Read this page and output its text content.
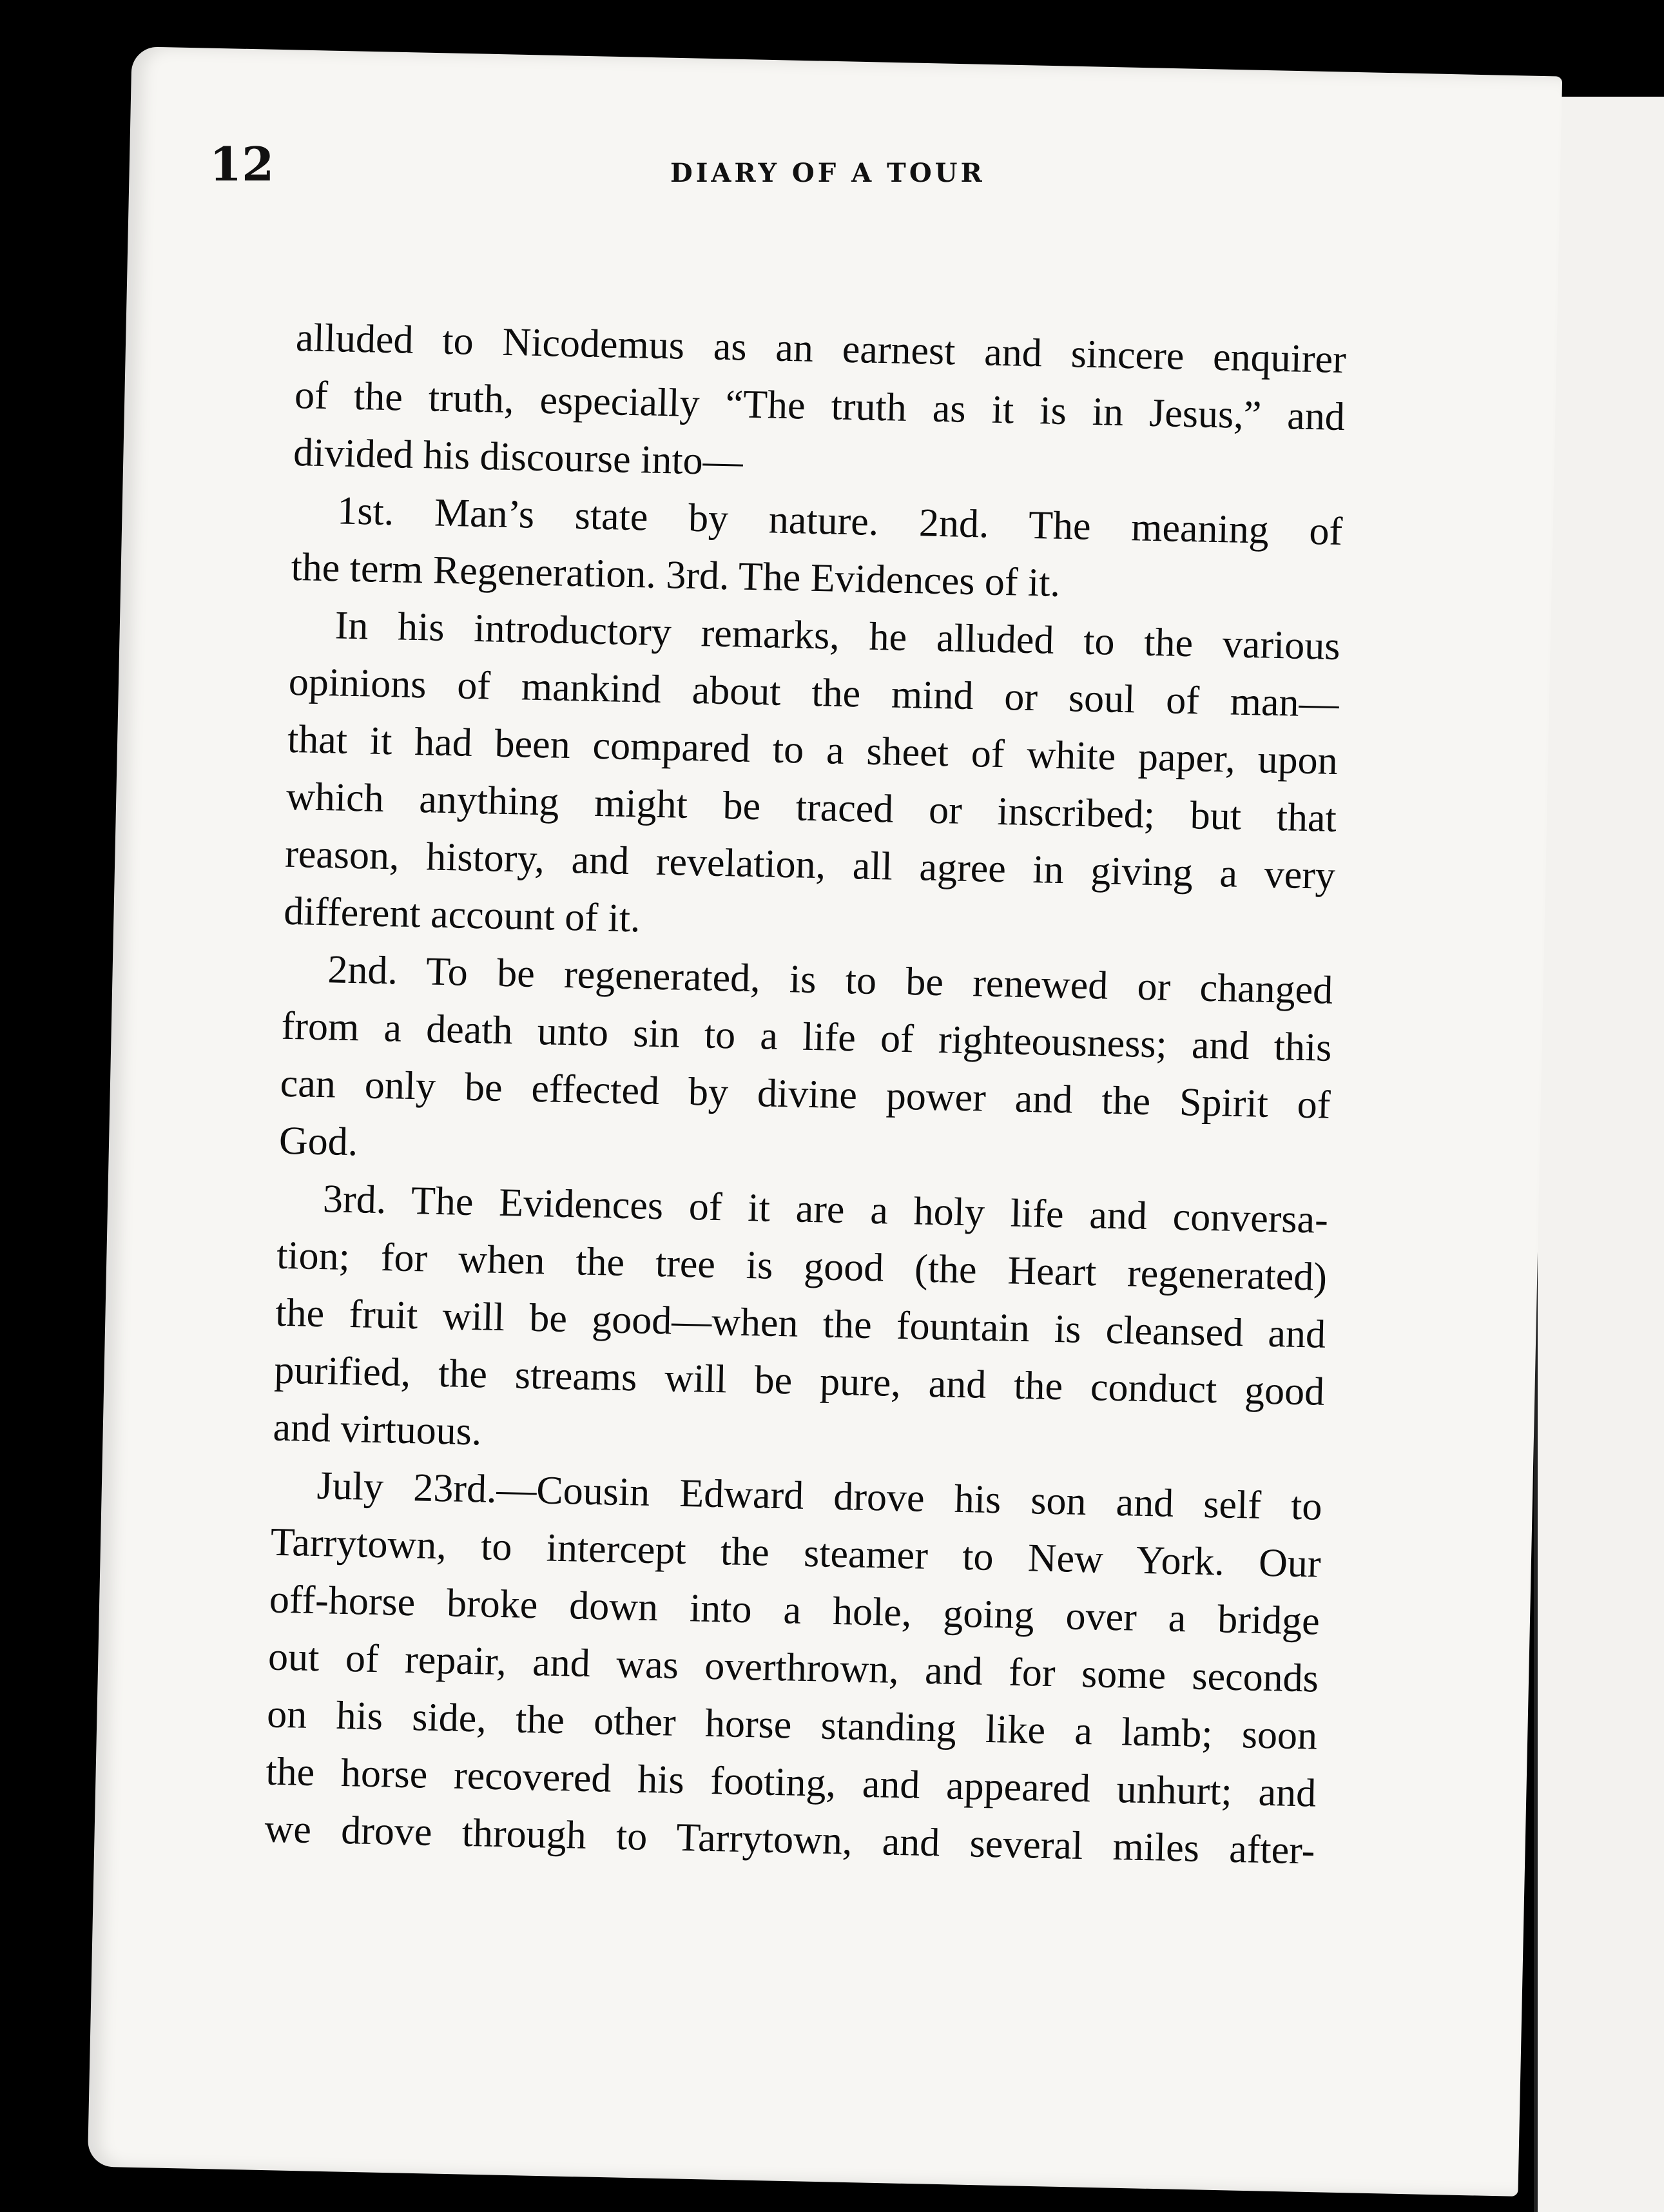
12	DIARY OF A TOUR
alluded to Nicodemus as an earnest and sincere enquirer
of the truth, especially “The truth as it is in Jesus,” and
divided his discourse into—
1st. Man’s state by nature. 2nd. The meaning of
the term Regeneration. 3rd. The Evidences of it.
In his introductory remarks, he alluded to the various
opinions of mankind about the mind or soul of man—
that it had been compared to a sheet of white paper, upon
which anything might be traced or inscribed; but that
reason, history, and revelation, all agree in giving a very
different account of it.
2nd. To be regenerated, is to be renewed or changed
from a death unto sin to a life of righteousness; and this
can only be effected by divine power and the Spirit of
God.
3rd. The Evidences of it are a holy life and conversa-
tion; for when the tree is good (the Heart regenerated)
the fruit will be good—when the fountain is cleansed and
purified, the streams will be pure, and the conduct good
and virtuous.
July 23rd.—Cousin Edward drove his son and self to
Tarrytown, to intercept the steamer to New York. Our
off-horse broke down into a hole, going over a bridge
out of repair, and was overthrown, and for some seconds
on his side, the other horse standing like a lamb; soon
the horse recovered his footing, and appeared unhurt; and
we drove through to Tarrytown, and several miles after-
